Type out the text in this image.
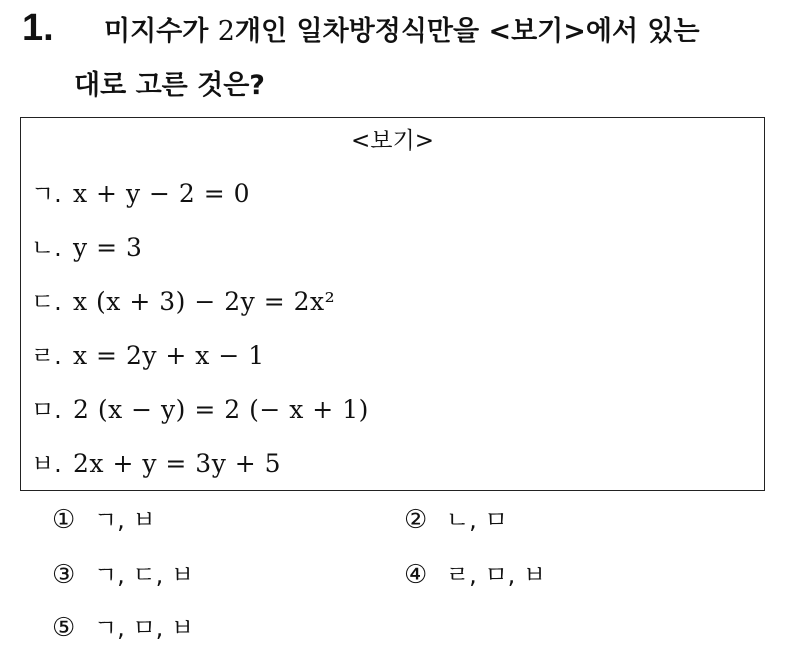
1. 미지수가 2개인 일차방정식만을 <보기>에서 있는
대로 고른 것은?
<보기>
ㄱ. x + y − 2 = 0
ㄴ. y = 3
ㄷ. x (x + 3) − 2y = 2x²
ㄹ. x = 2y + x − 1
ㅁ. 2 (x − y) = 2 (− x + 1)
ㅂ. 2x + y = 3y + 5
① ㄱ, ㅂ	② ㄴ, ㅁ
③ ㄱ, ㄷ, ㅂ	④ ㄹ, ㅁ, ㅂ
⑤ ㄱ, ㅁ, ㅂ
